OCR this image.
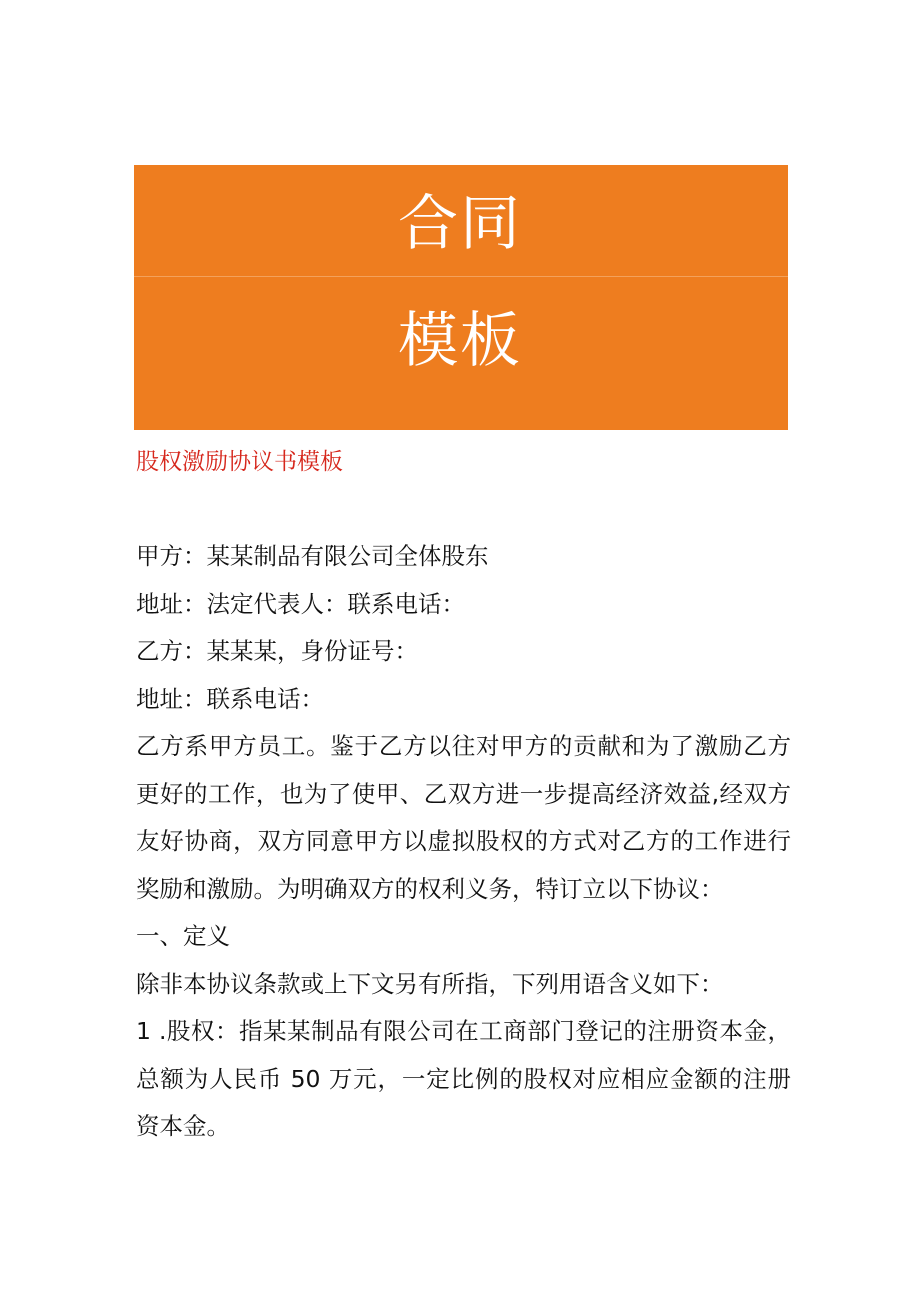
合同
模板
股权激励协议书模板

甲方：某某制品有限公司全体股东

地址：法定代表人：联系电话：

乙方：某某某，身份证号：

地址：联系电话：

乙方系甲方员工。鉴于乙方以往对甲方的贡献和为了激励乙方更好的工作，也为了使甲、乙双方进一步提高经济效益,经双方友好协商，双方同意甲方以虚拟股权的方式对乙方的工作进行奖励和激励。为明确双方的权利义务，特订立以下协议：

一、定义

除非本协议条款或上下文另有所指，下列用语含义如下：

1 .股权：指某某制品有限公司在工商部门登记的注册资本金，总额为人民币 50 万元，一定比例的股权对应相应金额的注册资本金。
